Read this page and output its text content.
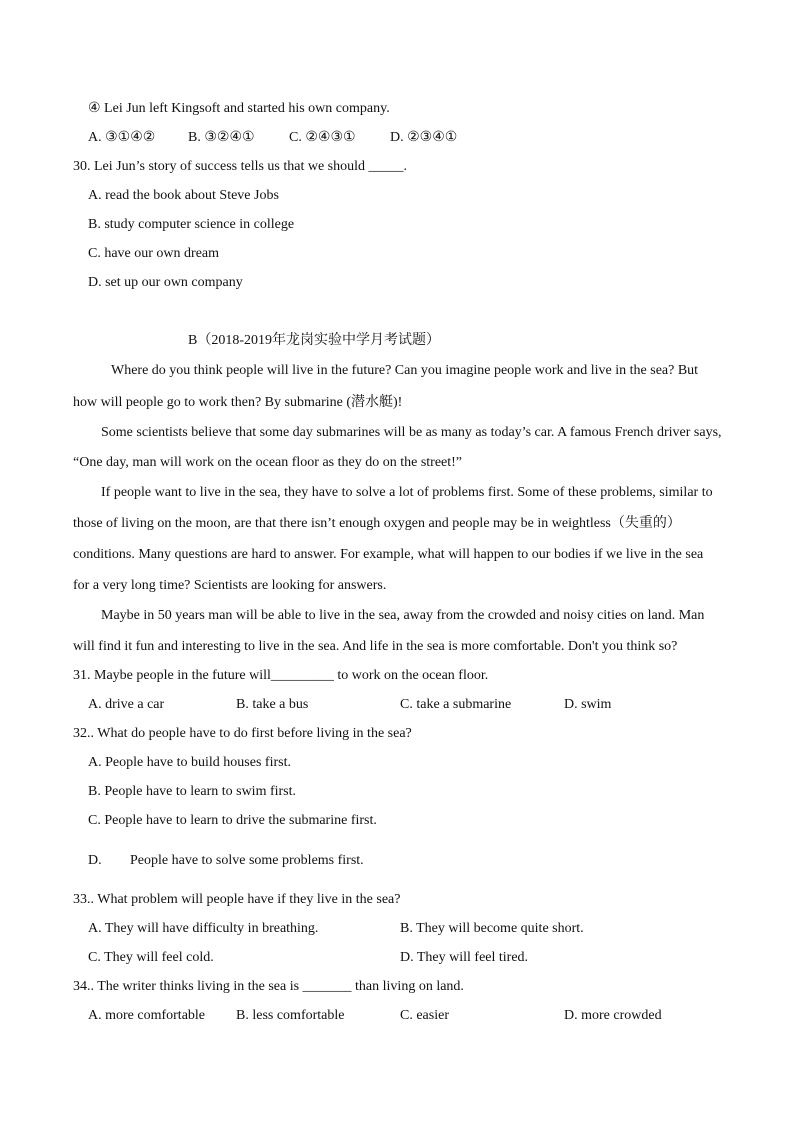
④ Lei Jun left Kingsoft and started his own company.
A. ③①④② B. ③②④① C. ②④③① D. ②③④①
30. Lei Jun’s story of success tells us that we should _____.
A. read the book about Steve Jobs
B. study computer science in college
C. have our own dream
D. set up our own company
B（2018-2019年龙岗实验中学月考试题）
Where do you think people will live in the future? Can you imagine people work and live in the sea? But
how will people go to work then? By submarine (潜水艇)!
Some scientists believe that some day submarines will be as many as today’s car. A famous French driver says,
“One day, man will work on the ocean floor as they do on the street!”
If people want to live in the sea, they have to solve a lot of problems first. Some of these problems, similar to
those of living on the moon, are that there isn’t enough oxygen and people may be in weightless（失重的）
conditions. Many questions are hard to answer. For example, what will happen to our bodies if we live in the sea
for a very long time? Scientists are looking for answers.
Maybe in 50 years man will be able to live in the sea, away from the crowded and noisy cities on land. Man
will find it fun and interesting to live in the sea. And life in the sea is more comfortable. Don't you think so?
31. Maybe people in the future will_________ to work on the ocean floor.
A. drive a car	B. take a bus	C. take a submarine	D. swim
32.. What do people have to do first before living in the sea?
A. People have to build houses first.
B. People have to learn to swim first.
C. People have to learn to drive the submarine first.
D. People have to solve some problems first.
33.. What problem will people have if they live in the sea?
A. They will have difficulty in breathing.	B. They will become quite short.
C. They will feel cold.	D. They will feel tired.
34.. The writer thinks living in the sea is _______ than living on land.
A. more comfortable B. less comfortable	C. easier	D. more crowded
